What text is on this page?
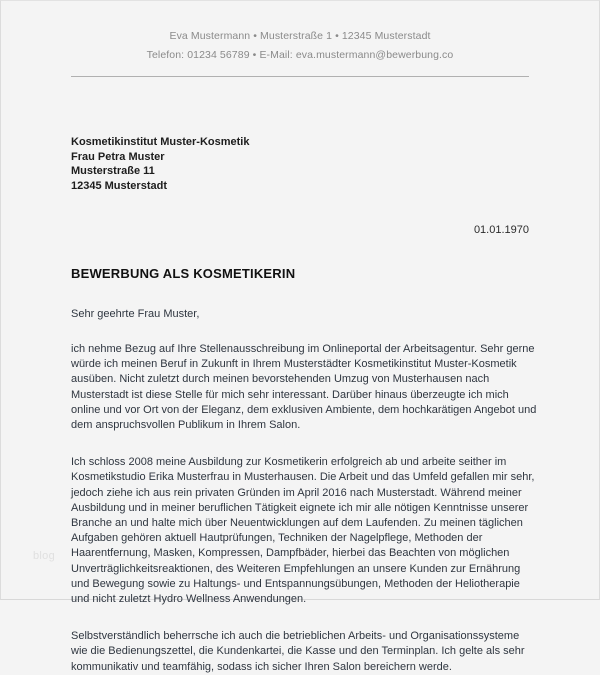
Eva Mustermann • Musterstraße 1 • 12345 Musterstadt
Telefon: 01234 56789 • E-Mail: eva.mustermann@bewerbung.co
Kosmetikinstitut Muster-Kosmetik
Frau Petra Muster
Musterstraße 11
12345 Musterstadt
01.01.1970
BEWERBUNG ALS KOSMETIKERIN
Sehr geehrte Frau Muster,
ich nehme Bezug auf Ihre Stellenausschreibung im Onlineportal der Arbeitsagentur. Sehr gerne würde ich meinen Beruf in Zukunft in Ihrem Musterstädter Kosmetikinstitut Muster-Kosmetik ausüben. Nicht zuletzt durch meinen bevorstehenden Umzug von Musterhausen nach Musterstadt ist diese Stelle für mich sehr interessant. Darüber hinaus überzeugte ich mich online und vor Ort von der Eleganz, dem exklusiven Ambiente, dem hochkarätigen Angebot und dem anspruchsvollen Publikum in Ihrem Salon.
Ich schloss 2008 meine Ausbildung zur Kosmetikerin erfolgreich ab und arbeite seither im Kosmetikstudio Erika Musterfrau in Musterhausen. Die Arbeit und das Umfeld gefallen mir sehr, jedoch ziehe ich aus rein privaten Gründen im April 2016 nach Musterstadt. Während meiner Ausbildung und in meiner beruflichen Tätigkeit eignete ich mir alle nötigen Kenntnisse unserer Branche an und halte mich über Neuentwicklungen auf dem Laufenden. Zu meinen täglichen Aufgaben gehören aktuell Hautprüfungen, Techniken der Nagelpflege, Methoden der Haarentfernung, Masken, Kompressen, Dampfbäder, hierbei das Beachten von möglichen Unverträglichkeitsreaktionen, des Weiteren Empfehlungen an unsere Kunden zur Ernährung und Bewegung sowie zu Haltungs- und Entspannungsübungen, Methoden der Heliotherapie und nicht zuletzt Hydro Wellness Anwendungen.
Selbstverständlich beherrsche ich auch die betrieblichen Arbeits- und Organisationssysteme wie die Bedienungszettel, die Kundenkartei, die Kasse und den Terminplan. Ich gelte als sehr kommunikativ und teamfähig, sodass ich sicher Ihren Salon bereichern werde.
blog
